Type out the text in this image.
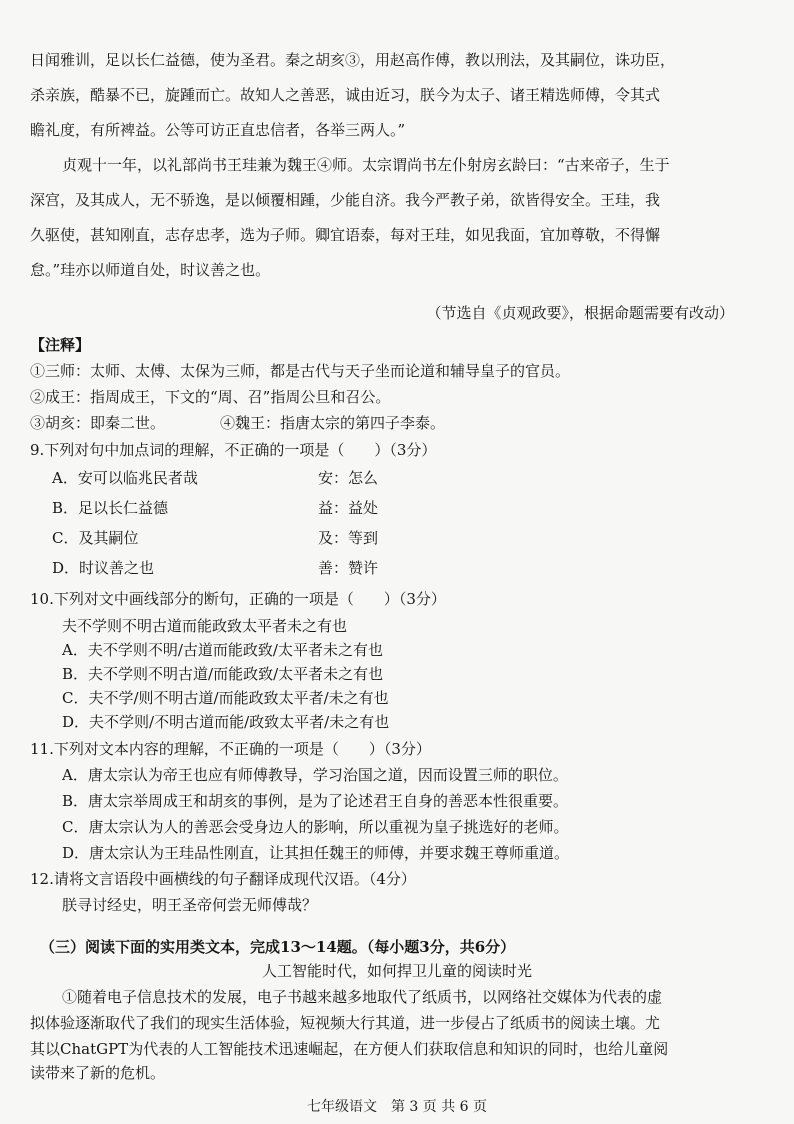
日闻雅训，足以长仁益德，使为圣君。秦之胡亥③，用赵高作傅，教以刑法，及其嗣位，诛功臣，
杀亲族，酷暴不已，旋踵而亡。故知人之善恶，诚由近习，朕今为太子、诸王精选师傅，令其式
瞻礼度，有所裨益。公等可访正直忠信者，各举三两人。”
贞观十一年，以礼部尚书王珪兼为魏王④师。太宗谓尚书左仆射房玄龄曰：“古来帝子，生于
深宫，及其成人，无不骄逸，是以倾覆相踵，少能自济。我今严教子弟，欲皆得安全。王珪，我
久驱使，甚知刚直，志存忠孝，选为子师。卿宜语泰，每对王珪，如见我面，宜加尊敬，不得懈
怠。”珪亦以师道自处，时议善之也。
（节选自《贞观政要》，根据命题需要有改动）
【注释】
①三师：太师、太傅、太保为三师，都是古代与天子坐而论道和辅导皇子的官员。
②成王：指周成王，下文的“周、召”指周公旦和召公。
③胡亥：即秦二世。	④魏王：指唐太宗的第四子李泰。
9.下列对句中加点词的理解，不正确的一项是（　　）（3分）
A．安可以临兆民者哉	安：怎么
B．足以长仁益德	益：益处
C．及其嗣位	及：等到
D．时议善之也	善：赞许
10.下列对文中画线部分的断句，正确的一项是（　　）（3分）
夫不学则不明古道而能政致太平者未之有也
A．夫不学则不明/古道而能政致/太平者未之有也
B．夫不学则不明古道/而能政致/太平者未之有也
C．夫不学/则不明古道/而能政致太平者/未之有也
D．夫不学则/不明古道而能/政致太平者/未之有也
11.下列对文本内容的理解，不正确的一项是（　　）（3分）
A．唐太宗认为帝王也应有师傅教导，学习治国之道，因而设置三师的职位。
B．唐太宗举周成王和胡亥的事例，是为了论述君王自身的善恶本性很重要。
C．唐太宗认为人的善恶会受身边人的影响，所以重视为皇子挑选好的老师。
D．唐太宗认为王珪品性刚直，让其担任魏王的师傅，并要求魏王尊师重道。
12.请将文言语段中画横线的句子翻译成现代汉语。（4分）
朕寻讨经史，明王圣帝何尝无师傅哉？
（三）阅读下面的实用类文本，完成13～14题。（每小题3分，共6分）
人工智能时代，如何捍卫儿童的阅读时光
①随着电子信息技术的发展，电子书越来越多地取代了纸质书，以网络社交媒体为代表的虚
拟体验逐渐取代了我们的现实生活体验，短视频大行其道，进一步侵占了纸质书的阅读土壤。尤
其以ChatGPT为代表的人工智能技术迅速崛起，在方便人们获取信息和知识的同时，也给儿童阅
读带来了新的危机。
七年级语文　第 3 页 共 6 页
